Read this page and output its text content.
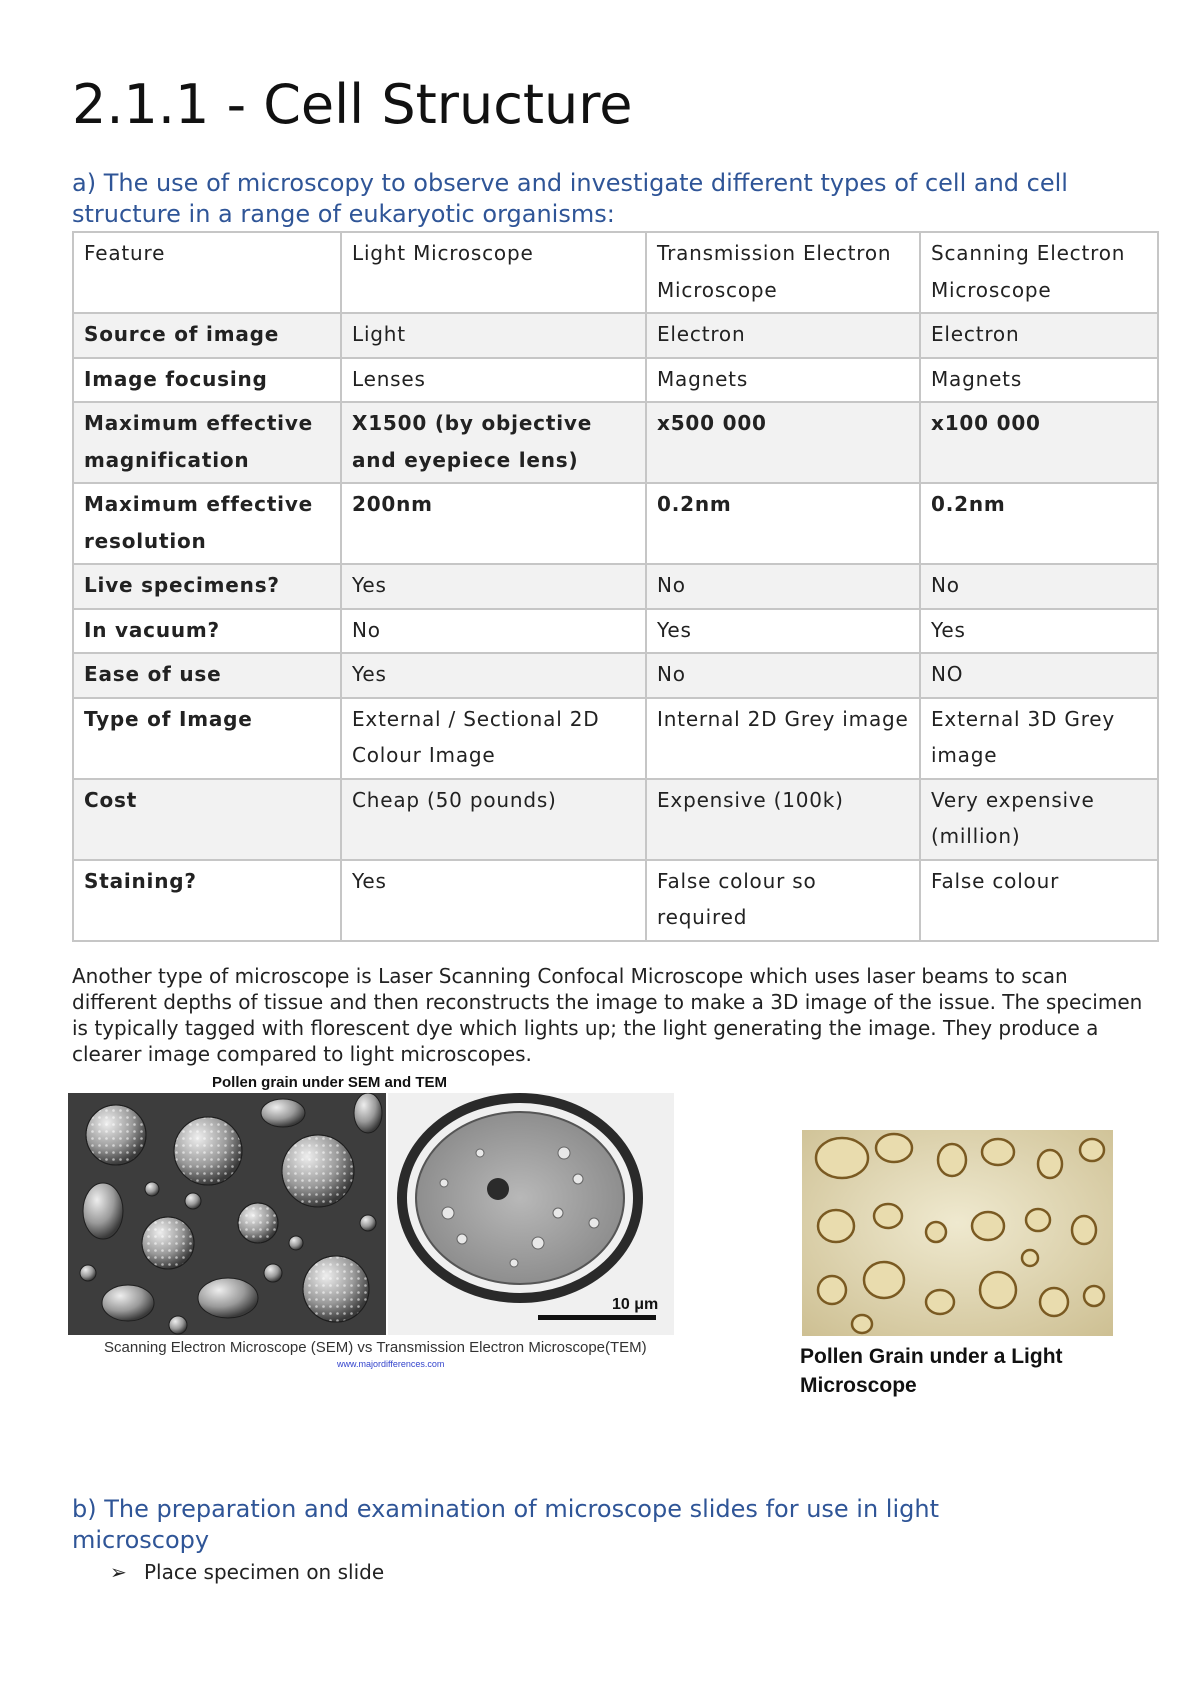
2.1.1 - Cell Structure
a) The use of microscopy to observe and investigate different types of cell and cell structure in a range of eukaryotic organisms:
Feature	Light Microscope	Transmission Electron Microscope	Scanning Electron Microscope
Source of image	Light	Electron	Electron
Image focusing	Lenses	Magnets	Magnets
Maximum effective magnification	X1500 (by objective and eyepiece lens)	x500 000	x100 000
Maximum effective resolution	200nm	0.2nm	0.2nm
Live specimens?	Yes	No	No
In vacuum?	No	Yes	Yes
Ease of use	Yes	No	NO
Type of Image	External / Sectional 2D Colour Image	Internal 2D Grey image	External 3D Grey image
Cost	Cheap (50 pounds)	Expensive (100k)	Very expensive (million)
Staining?	Yes	False colour so required	False colour

Another type of microscope is Laser Scanning Confocal Microscope which uses laser beams to scan different depths of tissue and then reconstructs the image to make a 3D image of the issue. The specimen is typically tagged with florescent dye which lights up; the light generating the image. They produce a clearer image compared to light microscopes.

Pollen grain under SEM and TEM
10 μm
Scanning Electron Microscope (SEM) vs Transmission Electron Microscope(TEM)
www.majordifferences.com	Pollen Grain under a Light Microscope
b) The preparation and examination of microscope slides for use in light microscopy
➢ Place specimen on slide
